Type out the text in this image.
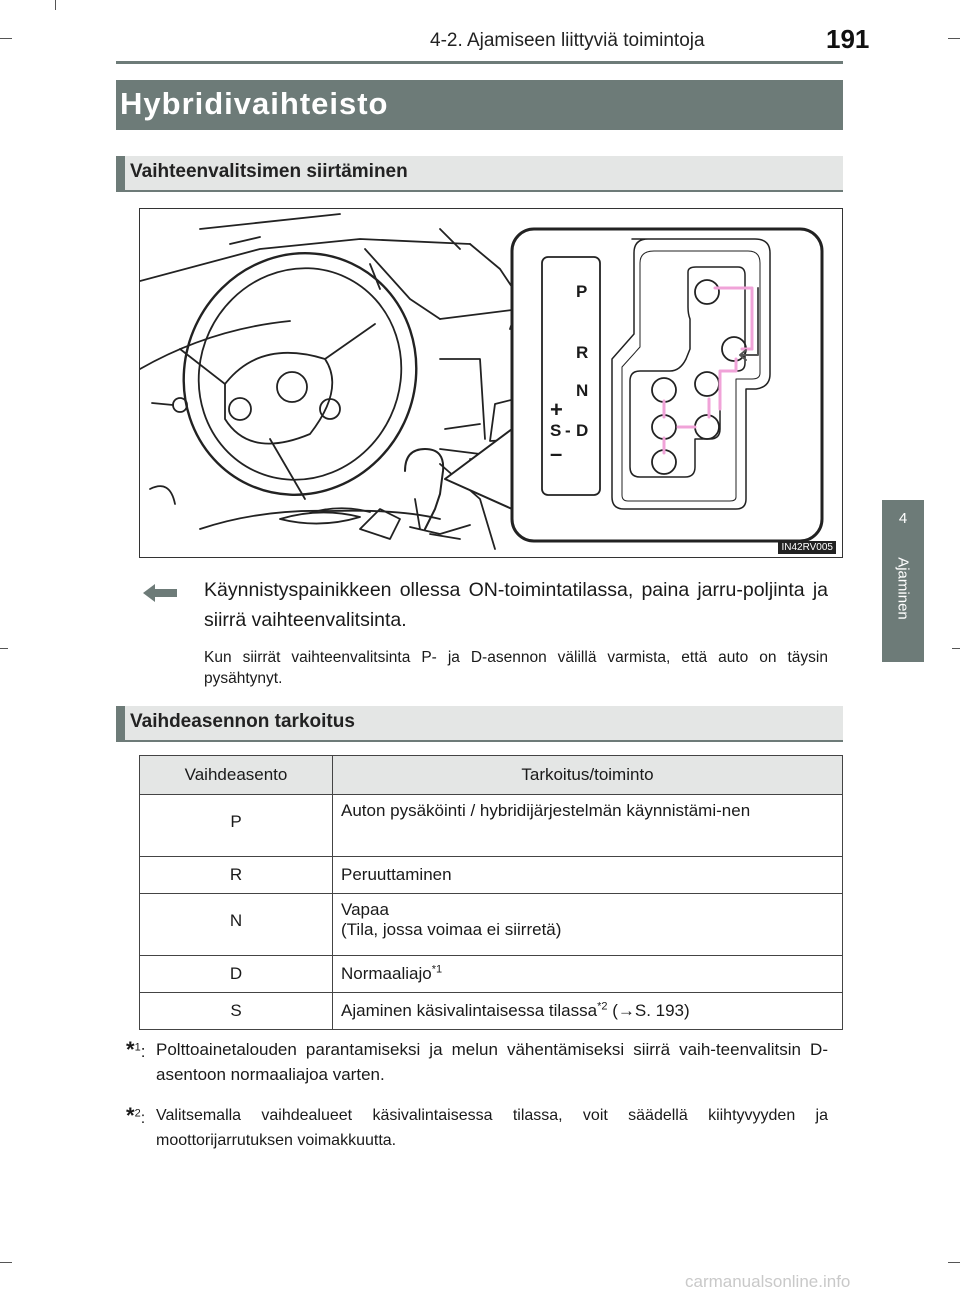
4-2. Ajamiseen liittyviä toimintoja	191
4
Ajaminen
Hybridivaihteisto
Vaihteenvalitsimen siirtäminen
P
R
N
+
S - D
–
IN42RV005
Käynnistyspainikkeen ollessa ON-toimintatilassa, paina jarru-poljinta ja siirrä vaihteenvalitsinta.
Kun siirrät vaihteenvalitsinta P- ja D-asennon välillä varmista, että auto on täysin pysähtynyt.
Vaihdeasennon tarkoitus
Vaihdeasento	Tarkoitus/toiminto
P	Auton pysäköinti / hybridijärjestelmän käynnistämi-nen
R	Peruuttaminen
N	Vapaa
(Tila, jossa voimaa ei siirretä)

D	Normaaliajo$^{*1}$
S	Ajaminen käsivalintaisessa tilassa$^{*2}$ (→S. 193)
*$^1$: Polttoainetalouden parantamiseksi ja melun vähentämiseksi siirrä vaih-teenvalitsin D-asentoon normaaliajoa varten.
*$^2$: Valitsemalla vaihdealueet käsivalintaisessa tilassa, voit säädellä kiihtyvyyden ja moottorijarrutuksen voimakkuutta.
carmanualsonline.info
